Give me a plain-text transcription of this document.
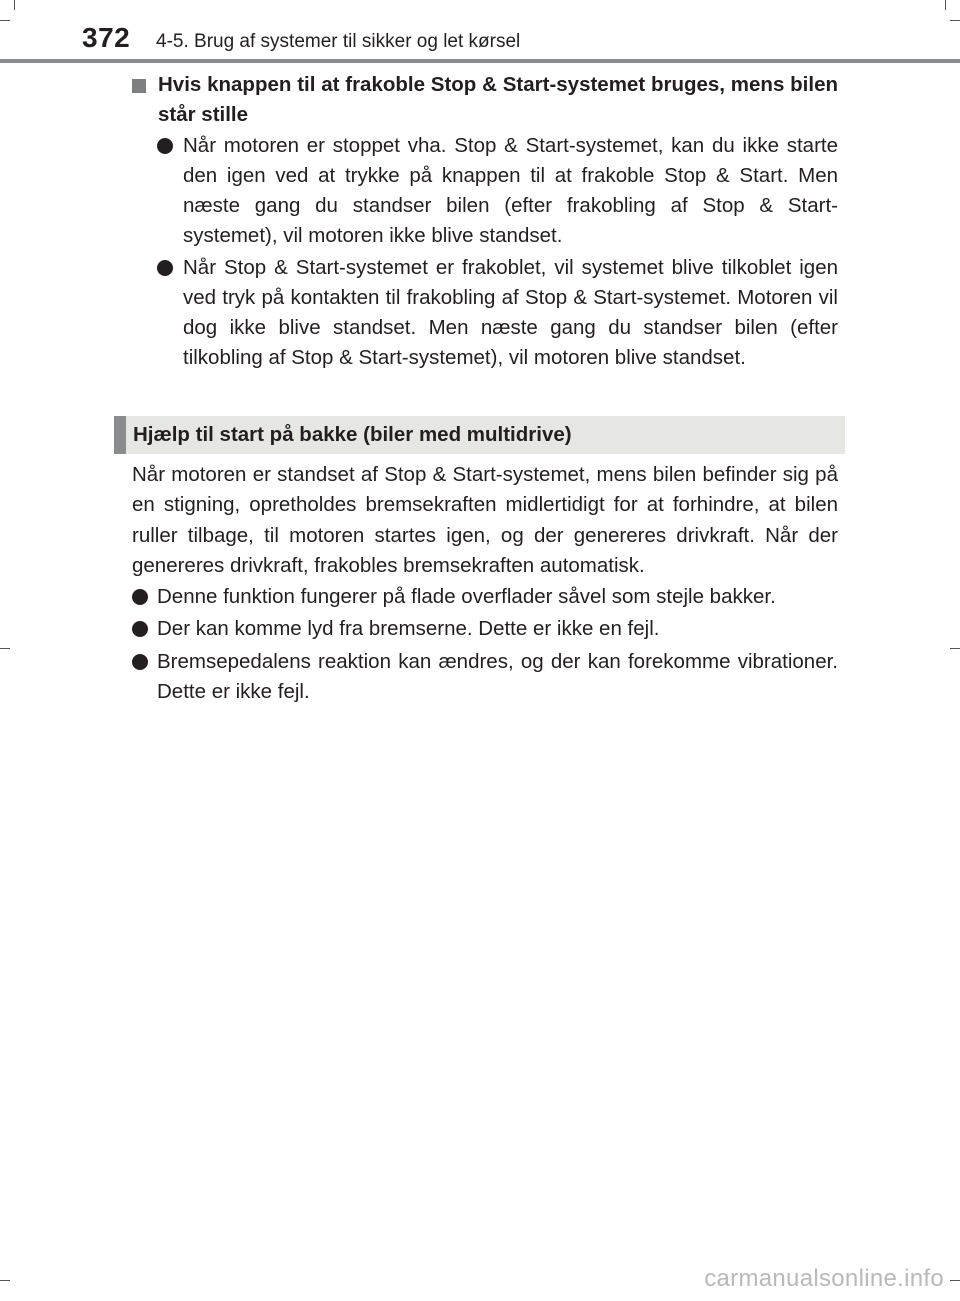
372 4-5. Brug af systemer til sikker og let kørsel
Hvis knappen til at frakoble Stop & Start-systemet bruges, mens bilen står stille
Når motoren er stoppet vha. Stop & Start-systemet, kan du ikke starte den igen ved at trykke på knappen til at frakoble Stop & Start. Men næste gang du standser bilen (efter frakobling af Stop & Start-systemet), vil motoren ikke blive standset.
Når Stop & Start-systemet er frakoblet, vil systemet blive tilkoblet igen ved tryk på kontakten til frakobling af Stop & Start-systemet. Motoren vil dog ikke blive standset. Men næste gang du standser bilen (efter tilkobling af Stop & Start-systemet), vil motoren blive standset.
Hjælp til start på bakke (biler med multidrive)
Når motoren er standset af Stop & Start-systemet, mens bilen befinder sig på en stigning, opretholdes bremsekraften midlertidigt for at forhindre, at bilen ruller tilbage, til motoren startes igen, og der genereres drivkraft. Når der genereres drivkraft, frakobles bremsekraften automatisk.
Denne funktion fungerer på flade overflader såvel som stejle bakker.
Der kan komme lyd fra bremserne. Dette er ikke en fejl.
Bremsepedalens reaktion kan ændres, og der kan forekomme vibrationer. Dette er ikke fejl.
carmanualsonline.info
